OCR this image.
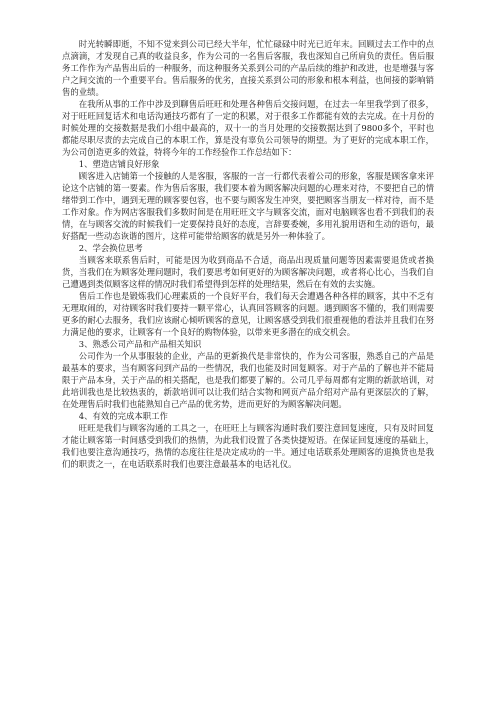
时光转瞬即逝，不知不觉来到公司已经大半年，忙忙碌碌中时光已近年末。回顾过去工作中的点点滴滴，才发现自己真的收益良多，作为公司的一名售后客服，我也深知自己所肩负的责任。售后服务工作作为产品售出后的一种服务，而这种服务关系到公司的产品后续的维护和改进，也是增强与客户之间交流的一个重要平台。售后服务的优劣，直接关系到公司的形象和根本利益，也间接的影响销售的业绩。

在我所从事的工作中涉及到聊售后旺旺和处理各种售后交接问题，在过去一年里我学到了很多，对于旺旺回复话术和电话沟通技巧都有了一定的积累，对于很多工作都能有效的去完成。在十月份的时候处理的交接数据是我们小组中最高的，双十一的当月处理的交接数据达到了9800多个，平时也都能尽职尽责的去完成自己的本职工作，算是没有辜负公司领导的期望。为了更好的完成本职工作，为公司创造更多的效益，特将今年的工作经验作工作总结如下：

1、塑造店铺良好形象

顾客进入店铺第一个接触的人是客服，客服的一言一行都代表着公司的形象，客服是顾客拿来评论这个店铺的第一要素。作为售后客服，我们要本着为顾客解决问题的心理来对待，不要把自己的情绪带到工作中，遇到无理的顾客要包容，也不要与顾客发生冲突，要把顾客当朋友一样对待，而不是工作对象。作为网店客服我们多数时间是在用旺旺文字与顾客交流，面对电脑顾客也看不到我们的表情，在与顾客交流的时候我们一定要保持良好的态度，言辞要委婉，多用礼貌用语和生动的语句，最好搭配一些动态诙谐的图片，这样可能带给顾客的就是另外一种体验了。

2、学会换位思考

当顾客来联系售后时，可能是因为收到商品不合适，商品出现质量问题等因素需要退货或者换货，当我们在为顾客处理问题时，我们要思考如何更好的为顾客解决问题，或者将心比心，当我们自己遭遇到类似顾客这样的情况时我们希望得到怎样的处理结果，然后在有效的去实施。

售后工作也是锻炼我们心理素质的一个良好平台，我们每天会遭遇各种各样的顾客，其中不乏有无理取闹的，对待顾客时我们要持一颗平常心，认真回答顾客的问题。遇到顾客不懂的，我们则需要更多的耐心去服务，我们应该耐心倾听顾客的意见，让顾客感受到我们很重视他的看法并且我们在努力满足他的要求，让顾客有一个良好的购物体验，以带来更多潜在的成交机会。

3、熟悉公司产品和产品相关知识

公司作为一个从事服装的企业，产品的更新换代是非常快的，作为公司客服，熟悉自己的产品是最基本的要求，当有顾客问到产品的一些情况，我们也能及时回复顾客。对于产品的了解也并不能局限于产品本身，关于产品的相关搭配，也是我们都要了解的。公司几乎每周都有定期的新款培训，对此培训我也是比较热衷的，新款培训可以让我们结合实物和网页产品介绍对产品有更深层次的了解，在处理售后时我们也能熟知自己产品的优劣势，进而更好的为顾客解决问题。

4、有效的完成本职工作

旺旺是我们与顾客沟通的工具之一，在旺旺上与顾客沟通时我们要注意回复速度，只有及时回复才能让顾客第一时间感受到我们的热情，为此我们设置了各类快捷短语。在保证回复速度的基础上，我们也要注意沟通技巧，热情的态度往往是决定成功的一半。通过电话联系处理顾客的退换货也是我们的职责之一，在电话联系时我们也要注意最基本的电话礼仪。
